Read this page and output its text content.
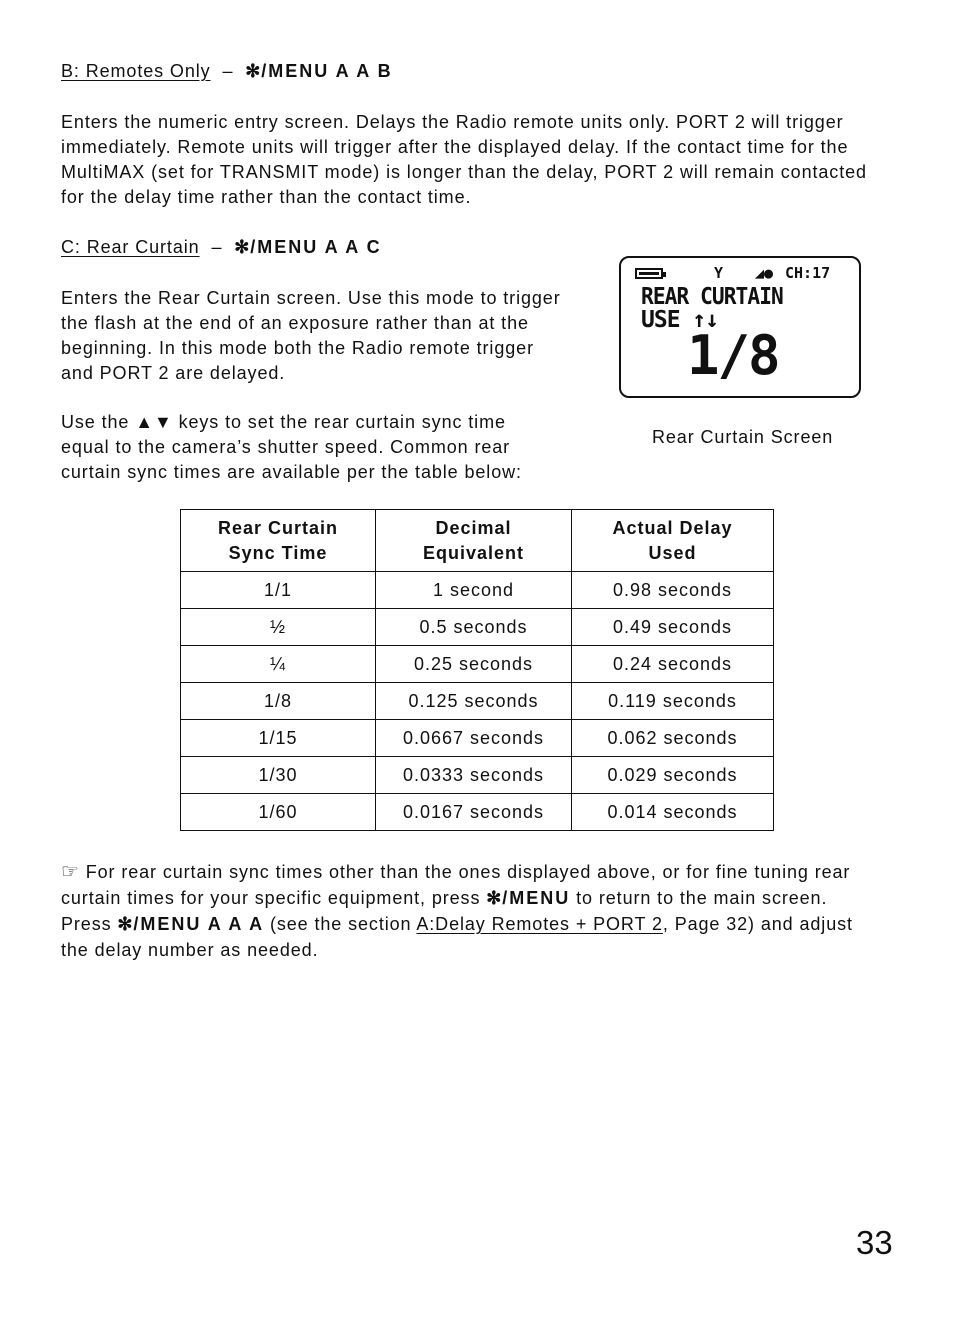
B: Remotes Only – ✻/MENU A A B
Enters the numeric entry screen. Delays the Radio remote units only. PORT 2 will trigger immediately. Remote units will trigger after the displayed delay. If the contact time for the MultiMAX (set for TRANSMIT mode) is longer than the delay, PORT 2 will remain contacted for the delay time rather than the contact time.
C: Rear Curtain – ✻/MENU A A C
Enters the Rear Curtain screen. Use this mode to trigger the flash at the end of an exposure rather than at the beginning. In this mode both the Radio remote trigger and PORT 2 are delayed.
Use the ▲▼ keys to set the rear curtain sync time equal to the camera’s shutter speed. Common rear curtain sync times are available per the table below:
Y ◢● CH:17
REAR CURTAIN
USE ↑↓
1/8
Rear Curtain Screen
Rear Curtain Sync Time	Decimal Equivalent	Actual Delay Used

1/1	1 second	0.98 seconds
½	0.5 seconds	0.49 seconds
¼	0.25 seconds	0.24 seconds
1/8	0.125 seconds	0.119 seconds
1/15	0.0667 seconds	0.062 seconds
1/30	0.0333 seconds	0.029 seconds
1/60	0.0167 seconds	0.014 seconds
☞ For rear curtain sync times other than the ones displayed above, or for fine tuning rear curtain times for your specific equipment, press ✻/MENU to return to the main screen. Press ✻/MENU A A A (see the section A:Delay Remotes + PORT 2, Page 32) and adjust the delay number as needed.
33
